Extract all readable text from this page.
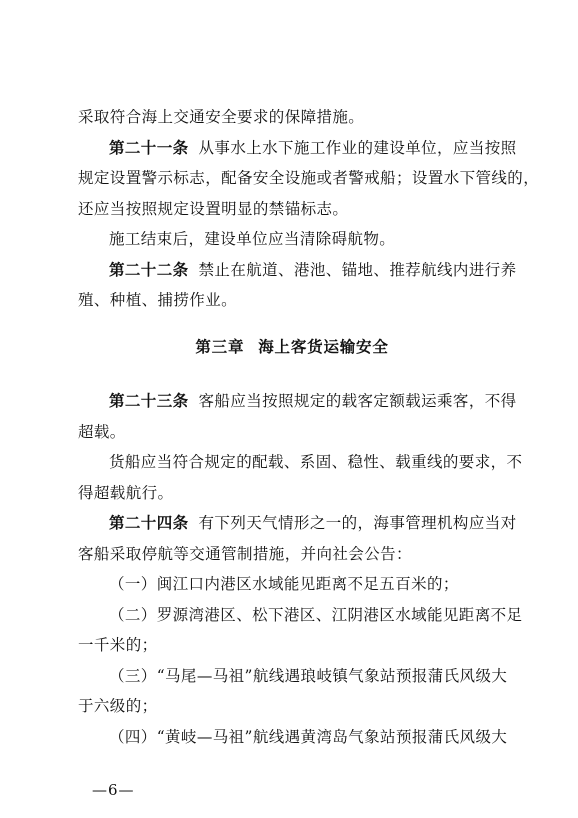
采取符合海上交通安全要求的保障措施。
第二十一条 从事水上水下施工作业的建设单位，应当按照
规定设置警示标志，配备安全设施或者警戒船；设置水下管线的，
还应当按照规定设置明显的禁锚标志。
施工结束后，建设单位应当清除碍航物。
第二十二条 禁止在航道、港池、锚地、推荐航线内进行养
殖、种植、捕捞作业。
第三章 海上客货运输安全
第二十三条 客船应当按照规定的载客定额载运乘客，不得
超载。
货船应当符合规定的配载、系固、稳性、载重线的要求，不
得超载航行。
第二十四条 有下列天气情形之一的，海事管理机构应当对
客船采取停航等交通管制措施，并向社会公告：
（一）闽江口内港区水域能见距离不足五百米的；
（二）罗源湾港区、松下港区、江阴港区水域能见距离不足
一千米的；
（三）“马尾—马祖”航线遇琅岐镇气象站预报蒲氏风级大
于六级的；
（四）“黄岐—马祖”航线遇黄湾岛气象站预报蒲氏风级大
—6—
